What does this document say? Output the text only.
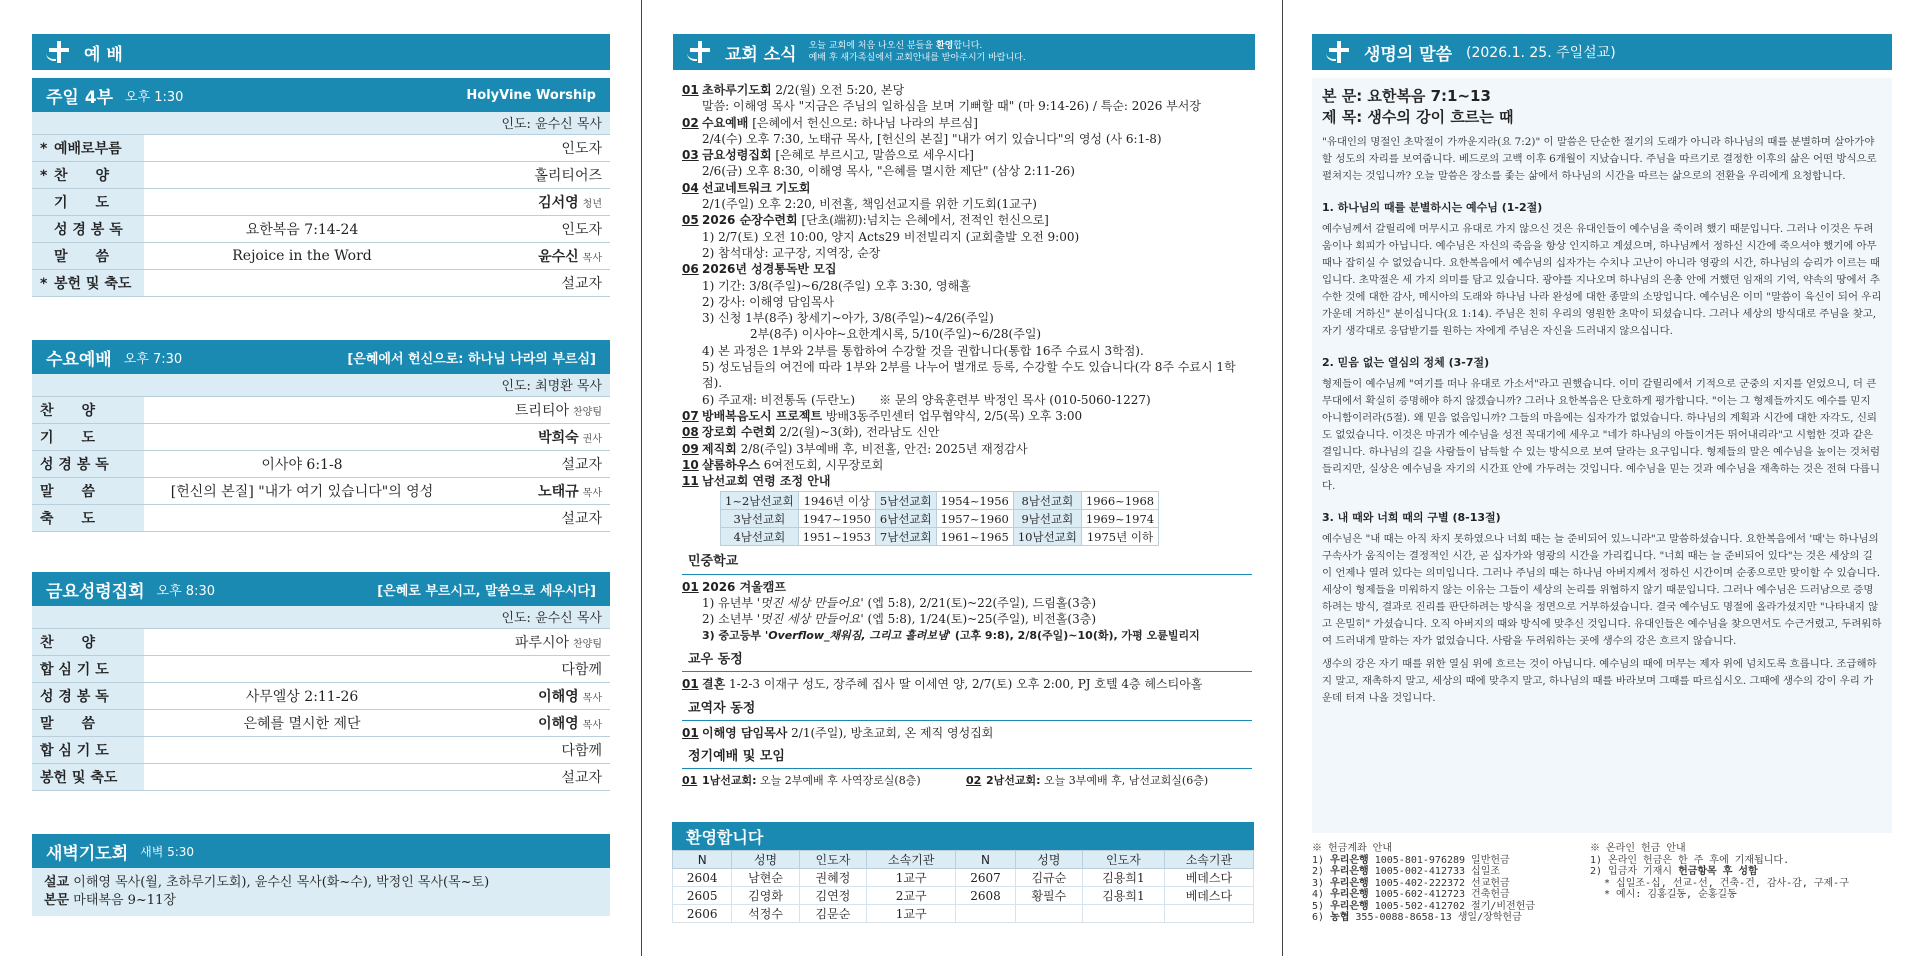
예 배
주일 4부 오후 1:30	HolyVine Worship
인도: 윤수신 목사		
* 예배로부름		인도자
* 찬　　양		홀리티어즈
기　　도		김서영 청년
성 경 봉 독	요한복음 7:14-24	인도자
말　　씀	Rejoice in the Word	윤수신 목사
* 봉헌 및 축도		설교자
수요예배 오후 7:30	[은혜에서 헌신으로: 하나님 나라의 부르심]
인도: 최명환 목사		
찬　　양		트리티아 찬양팀
기　　도		박희숙 권사
성 경 봉 독	이사야 6:1-8	설교자
말　　씀	[헌신의 본질] "내가 여기 있습니다"의 영성	노태규 목사
축　　도		설교자
금요성령집회 오후 8:30	[은혜로 부르시고, 말씀으로 세우시다]
인도: 윤수신 목사		
찬　　양		파루시아 찬양팀
합 심 기 도		다함께
성 경 봉 독	사무엘상 2:11-26	이해영 목사
말　　씀	은혜를 멸시한 제단	이해영 목사
합 심 기 도		다함께
봉헌 및 축도		설교자
새벽기도회 새벽 5:30
설교 이해영 목사(월, 초하루기도회), 윤수신 목사(화~수), 박정인 목사(목~토)
본문 마태복음 9~11장
교회 소식 오늘 교회에 처음 나오신 분들을 환영합니다.
예배 후 새가족실에서 교회안내를 받아주시기 바랍니다.
01 초하루기도회 2/2(월) 오전 5:20, 본당
말씀: 이해영 목사 "지금은 주님의 일하심을 보며 기뻐할 때" (마 9:14-26) / 특순: 2026 부서장
02 수요예배 [은혜에서 헌신으로: 하나님 나라의 부르심]
2/4(수) 오후 7:30, 노태규 목사, [헌신의 본질] "내가 여기 있습니다"의 영성 (사 6:1-8)
03 금요성령집회 [은혜로 부르시고, 말씀으로 세우시다]
2/6(금) 오후 8:30, 이해영 목사, "은혜를 멸시한 제단" (삼상 2:11-26)
04 선교네트워크 기도회
2/1(주일) 오후 2:20, 비전홀, 책임선교지를 위한 기도회(1교구)
05 2026 순장수련회 [단초(端初):넘치는 은혜에서, 전적인 헌신으로]
1) 2/7(토) 오전 10:00, 양지 Acts29 비전빌리지 (교회출발 오전 9:00)
2) 참석대상: 교구장, 지역장, 순장
06 2026년 성경통독반 모집
1) 기간: 3/8(주일)~6/28(주일) 오후 3:30, 영해홀
2) 강사: 이해영 담임목사
3) 신청 1부(8주) 창세기~아가, 3/8(주일)~4/26(주일)
2부(8주) 이사야~요한계시록, 5/10(주일)~6/28(주일)
4) 본 과정은 1부와 2부를 통합하여 수강할 것을 권합니다(통합 16주 수료시 3학점).
5) 성도님들의 여건에 따라 1부와 2부를 나누어 별개로 등록, 수강할 수도 있습니다(각 8주 수료시 1학점).
6) 주교재: 비전통독 (두란노)　　※ 문의 양육훈련부 박정인 목사 (010-5060-1227)
07 방배복음도시 프로젝트 방배3동주민센터 업무협약식, 2/5(목) 오후 3:00
08 장로회 수련회 2/2(월)~3(화), 전라남도 신안
09 제직회 2/8(주일) 3부예배 후, 비전홀, 안건: 2025년 재정감사
10 샬롬하우스 6여전도회, 시무장로회
11 남선교회 연령 조정 안내
1~2남선교회	1946년 이상	5남선교회	1954~1956	8남선교회	1966~1968
3남선교회	1947~1950	6남선교회	1957~1960	9남선교회	1969~1974
4남선교회	1951~1953	7남선교회	1961~1965	10남선교회	1975년 이하
민중학교
01 2026 겨울캠프
1) 유년부 '멋진 세상 만들어요' (엡 5:8), 2/21(토)~22(주일), 드림홀(3층)
2) 소년부 '멋진 세상 만들어요' (엡 5:8), 1/24(토)~25(주일), 비전홀(3층)
3) 중고등부 'Overflow_채워짐, 그리고 흘려보냄' (고후 9:8), 2/8(주일)~10(화), 가평 오륜빌리지
교우 동정
01 결혼 1-2-3 이재구 성도, 장주혜 집사 딸 이세연 양, 2/7(토) 오후 2:00, PJ 호텔 4층 헤스티아홀
교역자 동정
01 이해영 담임목사 2/1(주일), 방초교회, 온 제직 영성집회
정기예배 및 모임
01 1남선교회: 오늘 2부예배 후 사역장로실(8층)	02 2남선교회: 오늘 3부예배 후, 남선교회실(6층)
환영합니다
N	성명	인도자	소속기관	N	성명	인도자	소속기관
2604	남현순	권혜정	1교구	2607	김규순	김용희1	베데스다
2605	김영화	김연정	2교구	2608	황필수	김용희1	베데스다
2606	석정수	김문순	1교구				
생명의 말씀 (2026.1. 25. 주일설교)
본 문: 요한복음 7:1~13
제 목: 생수의 강이 흐르는 때

"유대인의 명절인 초막절이 가까운지라(요 7:2)" 이 말씀은 단순한 절기의 도래가 아니라 하나님의 때를 분별하며 살아가야 할 성도의 자리를 보여줍니다. 베드로의 고백 이후 6개월이 지났습니다. 주님을 따르기로 결정한 이후의 삶은 어떤 방식으로 펼쳐지는 것입니까? 오늘 말씀은 장소를 좇는 삶에서 하나님의 시간을 따르는 삶으로의 전환을 우리에게 요청합니다.

1. 하나님의 때를 분별하시는 예수님 (1-2절)

예수님께서 갈릴리에 머무시고 유대로 가지 않으신 것은 유대인들이 예수님을 죽이려 했기 때문입니다. 그러나 이것은 두려움이나 회피가 아닙니다. 예수님은 자신의 죽음을 항상 인지하고 계셨으며, 하나님께서 정하신 시간에 죽으셔야 했기에 아무 때나 잡히실 수 없었습니다. 요한복음에서 예수님의 십자가는 수치나 고난이 아니라 영광의 시간, 하나님의 승리가 이르는 때입니다. 초막절은 세 가지 의미를 담고 있습니다. 광야를 지나오며 하나님의 은총 안에 거했던 임재의 기억, 약속의 땅에서 추수한 것에 대한 감사, 메시아의 도래와 하나님 나라 완성에 대한 종말의 소망입니다. 예수님은 이미 "말씀이 육신이 되어 우리 가운데 거하신" 분이십니다(요 1:14). 주님은 친히 우리의 영원한 초막이 되셨습니다. 그러나 세상의 방식대로 주님을 찾고, 자기 생각대로 응답받기를 원하는 자에게 주님은 자신을 드러내지 않으십니다.

2. 믿음 없는 열심의 정체 (3-7절)

형제들이 예수님께 "여기를 떠나 유대로 가소서"라고 권했습니다. 이미 갈릴리에서 기적으로 군중의 지지를 얻었으니, 더 큰 무대에서 확실히 증명해야 하지 않겠습니까? 그러나 요한복음은 단호하게 평가합니다. "이는 그 형제들까지도 예수를 믿지 아니함이러라(5절). 왜 믿음 없음입니까? 그들의 마음에는 십자가가 없었습니다. 하나님의 계획과 시간에 대한 자각도, 신뢰도 없었습니다. 이것은 마귀가 예수님을 성전 꼭대기에 세우고 "네가 하나님의 아들이거든 뛰어내리라"고 시험한 것과 같은 결입니다. 하나님의 길을 사람들이 납득할 수 있는 방식으로 보여 달라는 요구입니다. 형제들의 말은 예수님을 높이는 것처럼 들리지만, 실상은 예수님을 자기의 시간표 안에 가두려는 것입니다. 예수님을 믿는 것과 예수님을 재촉하는 것은 전혀 다릅니다.

3. 내 때와 너희 때의 구별 (8-13절)

예수님은 "내 때는 아직 차지 못하였으나 너희 때는 늘 준비되어 있느니라"고 말씀하셨습니다. 요한복음에서 '때'는 하나님의 구속사가 움직이는 결정적인 시간, 곧 십자가와 영광의 시간을 가리킵니다. "너희 때는 늘 준비되어 있다"는 것은 세상의 길이 언제나 열려 있다는 의미입니다. 그러나 주님의 때는 하나님 아버지께서 정하신 시간이며 순종으로만 맞이할 수 있습니다. 세상이 형제들을 미워하지 않는 이유는 그들이 세상의 논리를 위협하지 않기 때문입니다. 그러나 예수님은 드러남으로 증명하려는 방식, 결과로 진리를 판단하려는 방식을 정면으로 거부하셨습니다. 결국 예수님도 명절에 올라가셨지만 "나타내지 않고 은밀히" 가셨습니다. 오직 아버지의 때와 방식에 맞추신 것입니다. 유대인들은 예수님을 찾으면서도 수근거렸고, 두려워하여 드러내게 말하는 자가 없었습니다. 사람을 두려워하는 곳에 생수의 강은 흐르지 않습니다.

생수의 강은 자기 때를 위한 열심 위에 흐르는 것이 아닙니다. 예수님의 때에 머무는 제자 위에 넘치도록 흐릅니다. 조급해하지 말고, 재촉하지 말고, 세상의 때에 맞추지 말고, 하나님의 때를 바라보며 그때를 따르십시오. 그때에 생수의 강이 우리 가운데 터져 나올 것입니다.

※ 헌금계좌 안내
1) 우리은행 1005-801-976289 일반헌금
2) 우리은행 1005-002-412733 십일조
3) 우리은행 1005-402-222372 선교헌금
4) 우리은행 1005-602-412723 건축헌금
5) 우리은행 1005-502-412702 절기/비전헌금
6) 농협 355-0088-8658-13 생일/장학헌금
※ 온라인 헌금 안내
1) 온라인 헌금은 한 주 후에 기재됩니다.
2) 입금자 기재시 헌금항목 후 성함
* 십일조-십, 선교-선, 건축-건, 감사-감, 구제-구
* 예시: 김홍길동, 순홍길동
